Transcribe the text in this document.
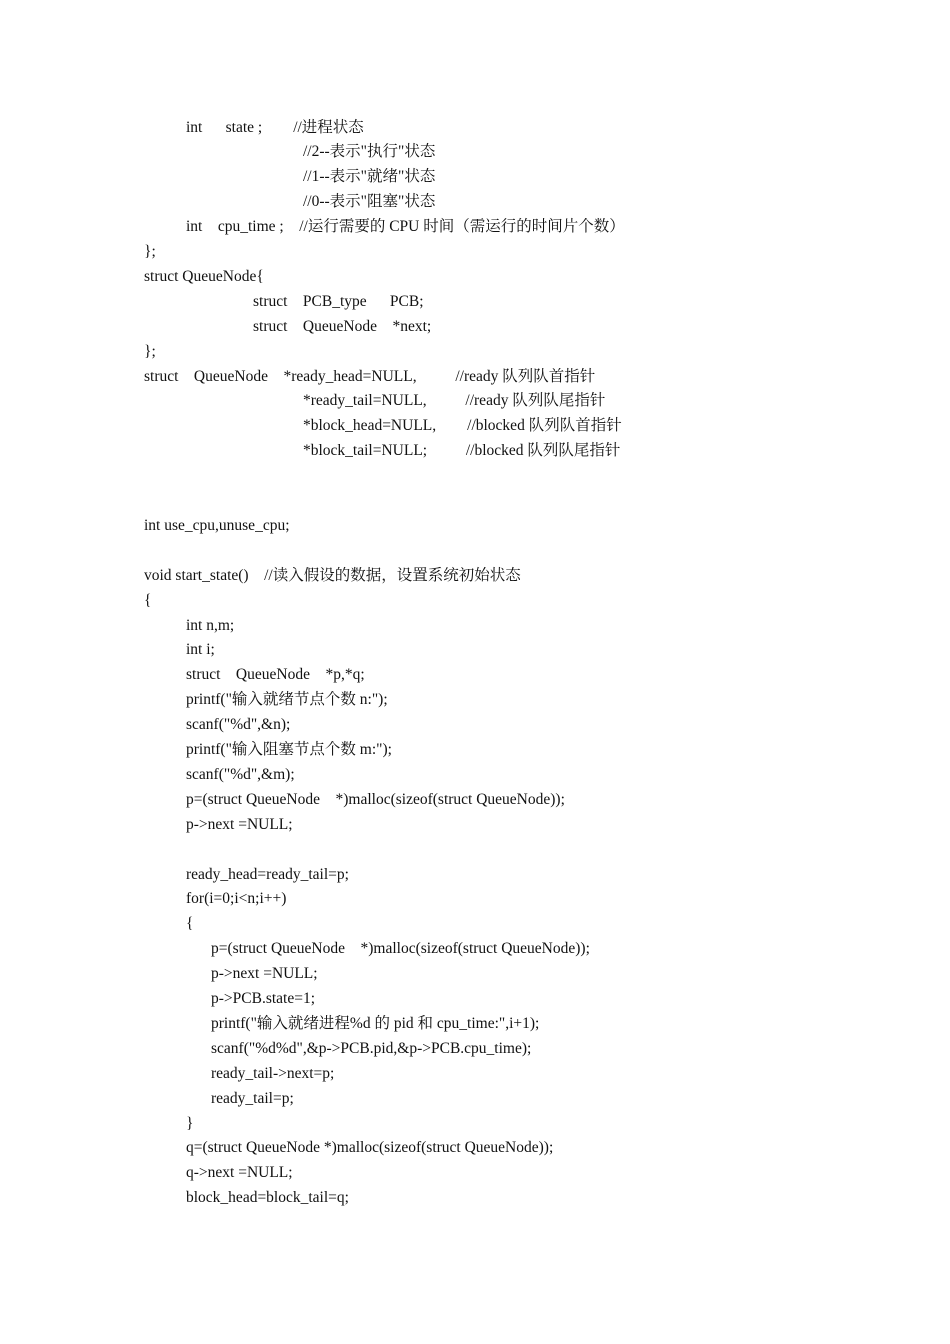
int      state ;        //进程状态
//2--表示"执行"状态
//1--表示"就绪"状态
//0--表示"阻塞"状态
int    cpu_time ;    //运行需要的 CPU 时间（需运行的时间片个数）
};
struct QueueNode{
struct    PCB_type      PCB;
struct    QueueNode    *next;
};
struct    QueueNode    *ready_head=NULL,          //ready 队列队首指针
*ready_tail=NULL,          //ready 队列队尾指针
*block_head=NULL,        //blocked 队列队首指针
*block_tail=NULL;          //blocked 队列队尾指针
int use_cpu,unuse_cpu;
void start_state()    //读入假设的数据，设置系统初始状态
{
int n,m;
int i;
struct    QueueNode    *p,*q;
printf("输入就绪节点个数 n:");
scanf("%d",&n);
printf("输入阻塞节点个数 m:");
scanf("%d",&m);
p=(struct QueueNode    *)malloc(sizeof(struct QueueNode));
p->next =NULL;
ready_head=ready_tail=p;
for(i=0;i<n;i++)
{
p=(struct QueueNode    *)malloc(sizeof(struct QueueNode));
p->next =NULL;
p->PCB.state=1;
printf("输入就绪进程%d 的 pid 和 cpu_time:",i+1);
scanf("%d%d",&p->PCB.pid,&p->PCB.cpu_time);
ready_tail->next=p;
ready_tail=p;
}
q=(struct QueueNode *)malloc(sizeof(struct QueueNode));
q->next =NULL;
block_head=block_tail=q;
